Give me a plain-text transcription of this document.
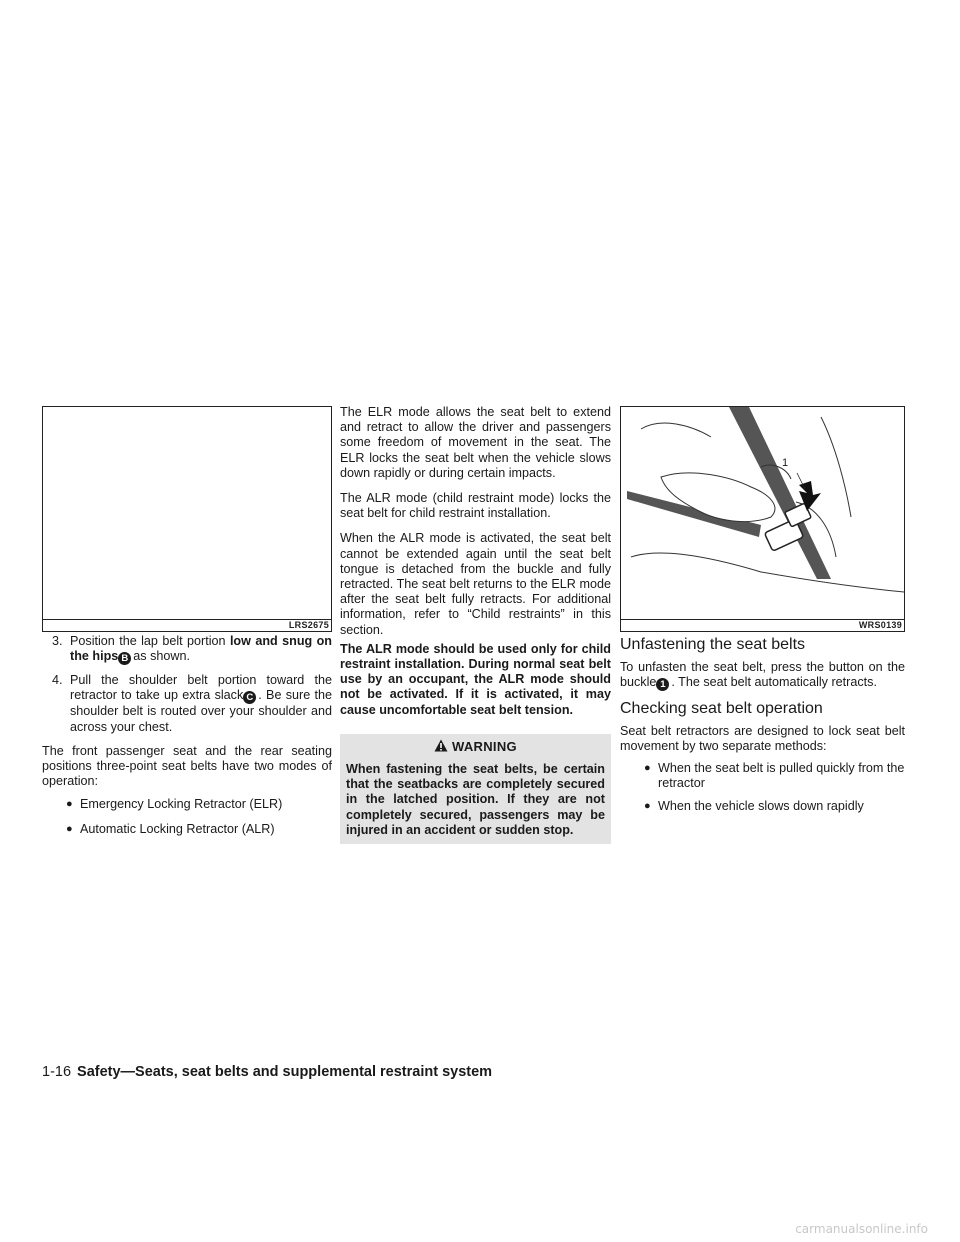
LRS2675

3. Position the lap belt portion low and snug on the hips B as shown.

4. Pull the shoulder belt portion toward the retractor to take up extra slack C . Be sure the shoulder belt is routed over your shoulder and across your chest.

The front passenger seat and the rear seating positions three-point seat belts have two modes of operation:

● Emergency Locking Retractor (ELR)

● Automatic Locking Retractor (ALR)

The ELR mode allows the seat belt to extend and retract to allow the driver and passengers some freedom of movement in the seat. The ELR locks the seat belt when the vehicle slows down rapidly or during certain impacts.

The ALR mode (child restraint mode) locks the seat belt for child restraint installation.

When the ALR mode is activated, the seat belt cannot be extended again until the seat belt tongue is detached from the buckle and fully retracted. The seat belt returns to the ELR mode after the seat belt fully retracts. For additional information, refer to “Child restraints” in this section.

The ALR mode should be used only for child restraint installation. During normal seat belt use by an occupant, the ALR mode should not be activated. If it is activated, it may cause uncomfortable seat belt tension.

WARNING
When fastening the seat belts, be certain that the seatbacks are completely secured in the latched position. If they are not completely secured, passengers may be injured in an accident or sudden stop.
1
WRS0139
Unfastening the seat belts

To unfasten the seat belt, press the button on the buckle 1 . The seat belt automatically retracts.

Checking seat belt operation

Seat belt retractors are designed to lock seat belt movement by two separate methods:

● When the seat belt is pulled quickly from the retractor

● When the vehicle slows down rapidly

1-16 Safety—Seats, seat belts and supplemental restraint system
carmanualsonline.info
